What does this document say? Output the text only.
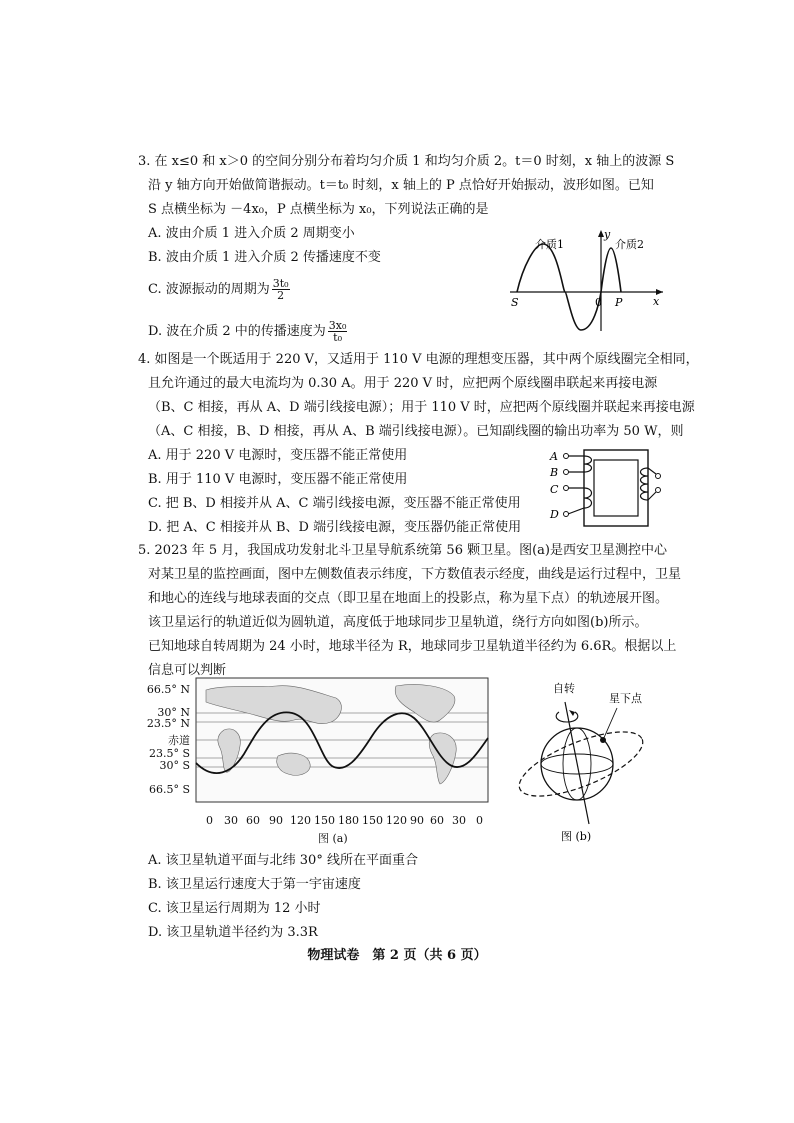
3. 在 x≤0 和 x＞0 的空间分别分布着均匀介质 1 和均匀介质 2。t＝0 时刻，x 轴上的波源 S
沿 y 轴方向开始做简谐振动。t＝t₀ 时刻，x 轴上的 P 点恰好开始振动，波形如图。已知
S 点横坐标为 －4x₀，P 点横坐标为 x₀，下列说法正确的是
A. 波由介质 1 进入介质 2 周期变小
B. 波由介质 1 进入介质 2 传播速度不变
C. 波源振动的周期为 $\frac{\text{3t₀}}{2}$
D. 波在介质 2 中的传播速度为 $\frac{\text{3x₀}}{\text{t₀}}$
介质1	介质2
y
x
S	0 P
4. 如图是一个既适用于 220 V，又适用于 110 V 电源的理想变压器，其中两个原线圈完全相同，
且允许通过的最大电流均为 0.30 A。用于 220 V 时，应把两个原线圈串联起来再接电源
（B、C 相接，再从 A、D 端引线接电源）；用于 110 V 时，应把两个原线圈并联起来再接电源
（A、C 相接，B、D 相接，再从 A、B 端引线接电源）。已知副线圈的输出功率为 50 W，则
A. 用于 220 V 电源时，变压器不能正常使用
B. 用于 110 V 电源时，变压器不能正常使用
C. 把 B、D 相接并从 A、C 端引线接电源，变压器不能正常使用
D. 把 A、C 相接并从 B、D 端引线接电源，变压器仍能正常使用
A
B
C
D
5. 2023 年 5 月，我国成功发射北斗卫星导航系统第 56 颗卫星。图(a)是西安卫星测控中心
对某卫星的监控画面，图中左侧数值表示纬度，下方数值表示经度，曲线是运行过程中，卫星
和地心的连线与地球表面的交点（即卫星在地面上的投影点，称为星下点）的轨迹展开图。
该卫星运行的轨道近似为圆轨道，高度低于地球同步卫星轨道，绕行方向如图(b)所示。
已知地球自转周期为 24 小时，地球半径为 R，地球同步卫星轨道半径约为 6.6R。根据以上
信息可以判断
66.5° N
30° N
23.5° N
赤道
23.5° S
30° S
66.5° S
0 30 60 90 120 150 180 150 120 90 60 30 0
图 (a)
自转
星下点
图 (b)
A. 该卫星轨道平面与北纬 30° 线所在平面重合
B. 该卫星运行速度大于第一宇宙速度
C. 该卫星运行周期为 12 小时
D. 该卫星轨道半径约为 3.3R
物理试卷　第 2 页（共 6 页）
